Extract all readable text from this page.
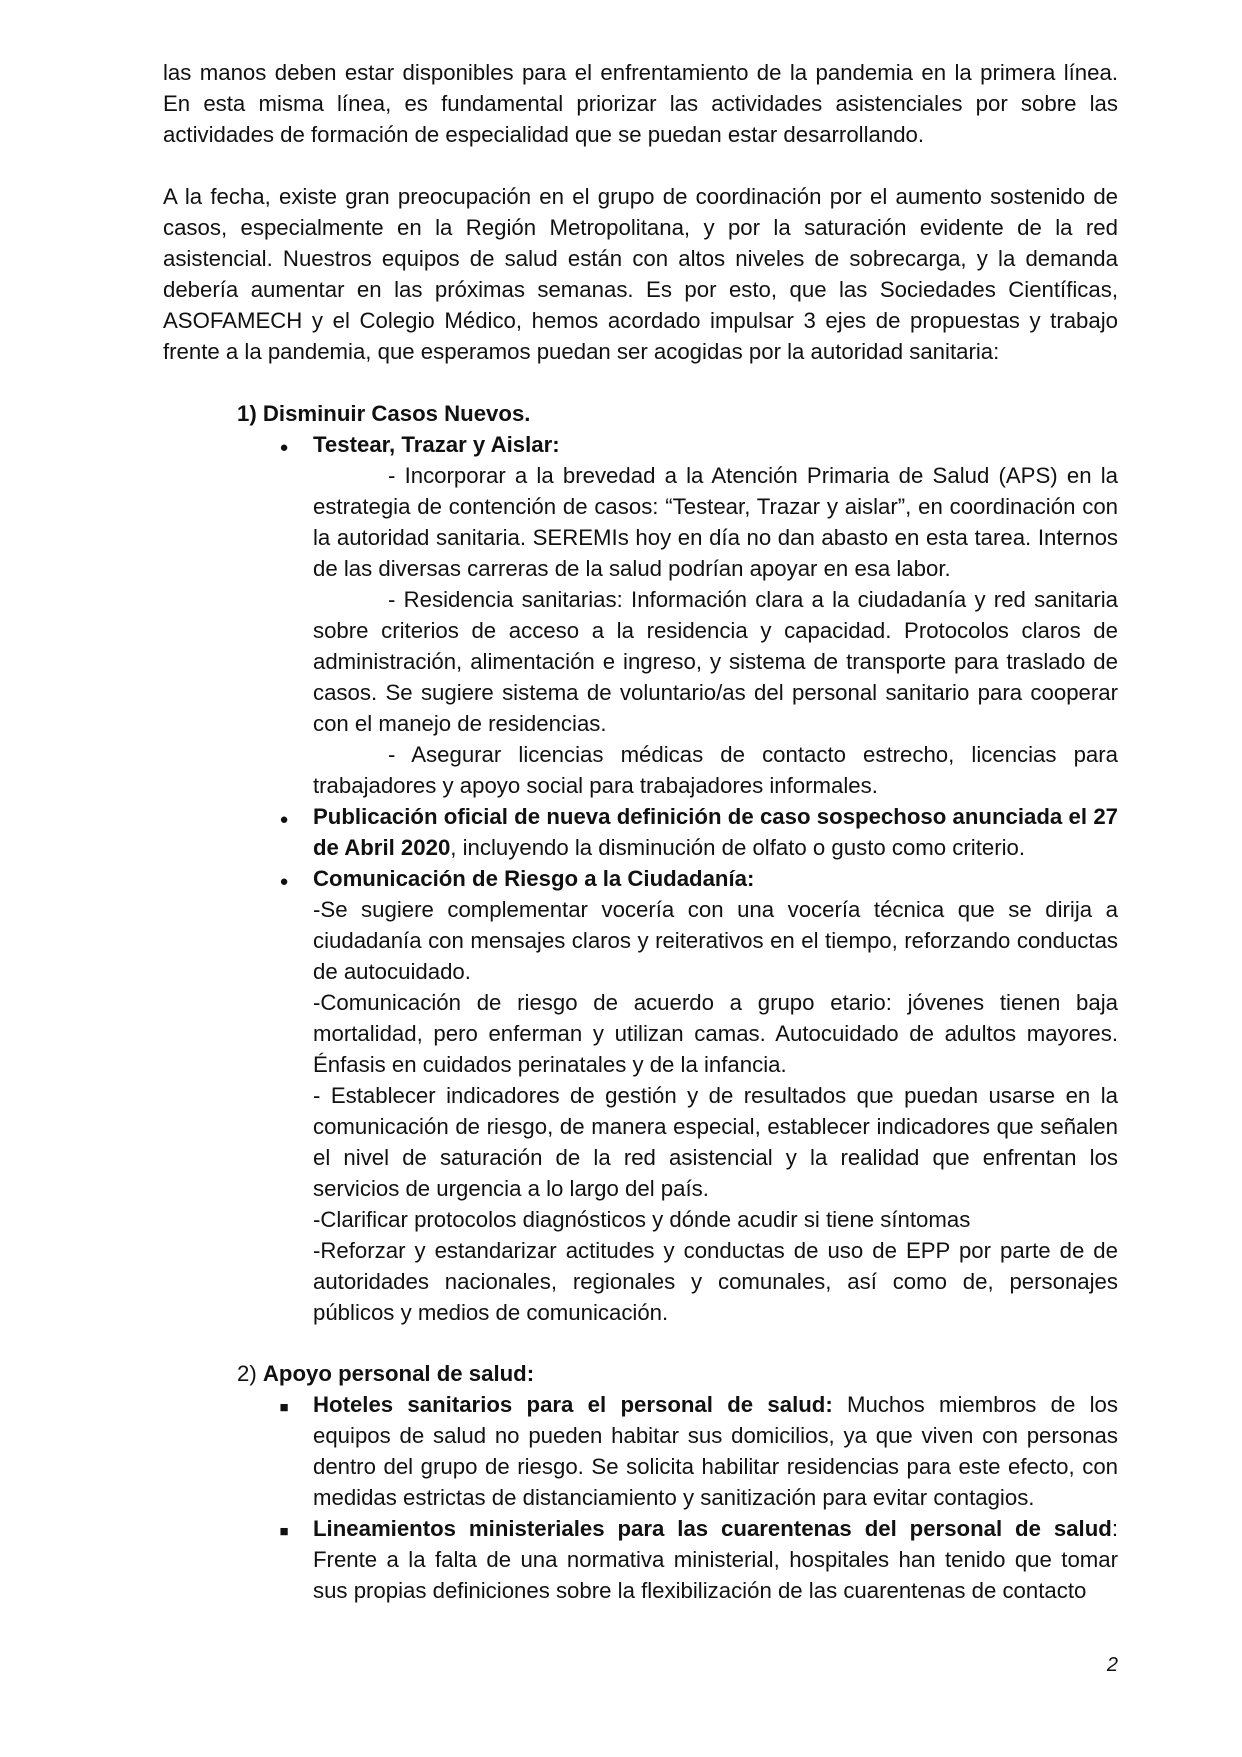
las manos deben estar disponibles para el enfrentamiento de la pandemia en la primera línea. En esta misma línea, es fundamental priorizar las actividades asistenciales por sobre las actividades de formación de especialidad que se puedan estar desarrollando.

A la fecha, existe gran preocupación en el grupo de coordinación por el aumento sostenido de casos, especialmente en la Región Metropolitana, y por la saturación evidente de la red asistencial. Nuestros equipos de salud están con altos niveles de sobrecarga, y la demanda debería aumentar en las próximas semanas. Es por esto, que las Sociedades Científicas, ASOFAMECH y el Colegio Médico, hemos acordado impulsar 3 ejes de propuestas y trabajo frente a la pandemia, que esperamos puedan ser acogidas por la autoridad sanitaria:

1) Disminuir Casos Nuevos.

●

Testear, Trazar y Aislar:

- Incorporar a la brevedad a la Atención Primaria de Salud (APS) en la estrategia de contención de casos: “Testear, Trazar y aislar”, en coordinación con la autoridad sanitaria. SEREMIs hoy en día no dan abasto en esta tarea. Internos de las diversas carreras de la salud podrían apoyar en esa labor.

- Residencia sanitarias: Información clara a la ciudadanía y red sanitaria sobre criterios de acceso a la residencia y capacidad. Protocolos claros de administración, alimentación e ingreso, y sistema de transporte para traslado de casos. Se sugiere sistema de voluntario/as del personal sanitario para cooperar con el manejo de residencias.

- Asegurar licencias médicas de contacto estrecho, licencias para trabajadores y apoyo social para trabajadores informales.

●

Publicación oficial de nueva definición de caso sospechoso anunciada el 27 de Abril 2020, incluyendo la disminución de olfato o gusto como criterio.

●

Comunicación de Riesgo a la Ciudadanía:

-Se sugiere complementar vocería con una vocería técnica que se dirija a ciudadanía con mensajes claros y reiterativos en el tiempo, reforzando conductas de autocuidado.

-Comunicación de riesgo de acuerdo a grupo etario: jóvenes tienen baja mortalidad, pero enferman y utilizan camas. Autocuidado de adultos mayores. Énfasis en cuidados perinatales y de la infancia.

- Establecer indicadores de gestión y de resultados que puedan usarse en la comunicación de riesgo, de manera especial, establecer indicadores que señalen el nivel de saturación de la red asistencial y la realidad que enfrentan los servicios de urgencia a lo largo del país.

-Clarificar protocolos diagnósticos y dónde acudir si tiene síntomas

-Reforzar y estandarizar actitudes y conductas de uso de EPP por parte de de autoridades nacionales, regionales y comunales, así como de, personajes públicos y medios de comunicación.

2) Apoyo personal de salud:

■

Hoteles sanitarios para el personal de salud: Muchos miembros de los equipos de salud no pueden habitar sus domicilios, ya que viven con personas dentro del grupo de riesgo. Se solicita habilitar residencias para este efecto, con medidas estrictas de distanciamiento y sanitización para evitar contagios.

■

Lineamientos ministeriales para las cuarentenas del personal de salud: Frente a la falta de una normativa ministerial, hospitales han tenido que tomar sus propias definiciones sobre la flexibilización de las cuarentenas de contacto

2
